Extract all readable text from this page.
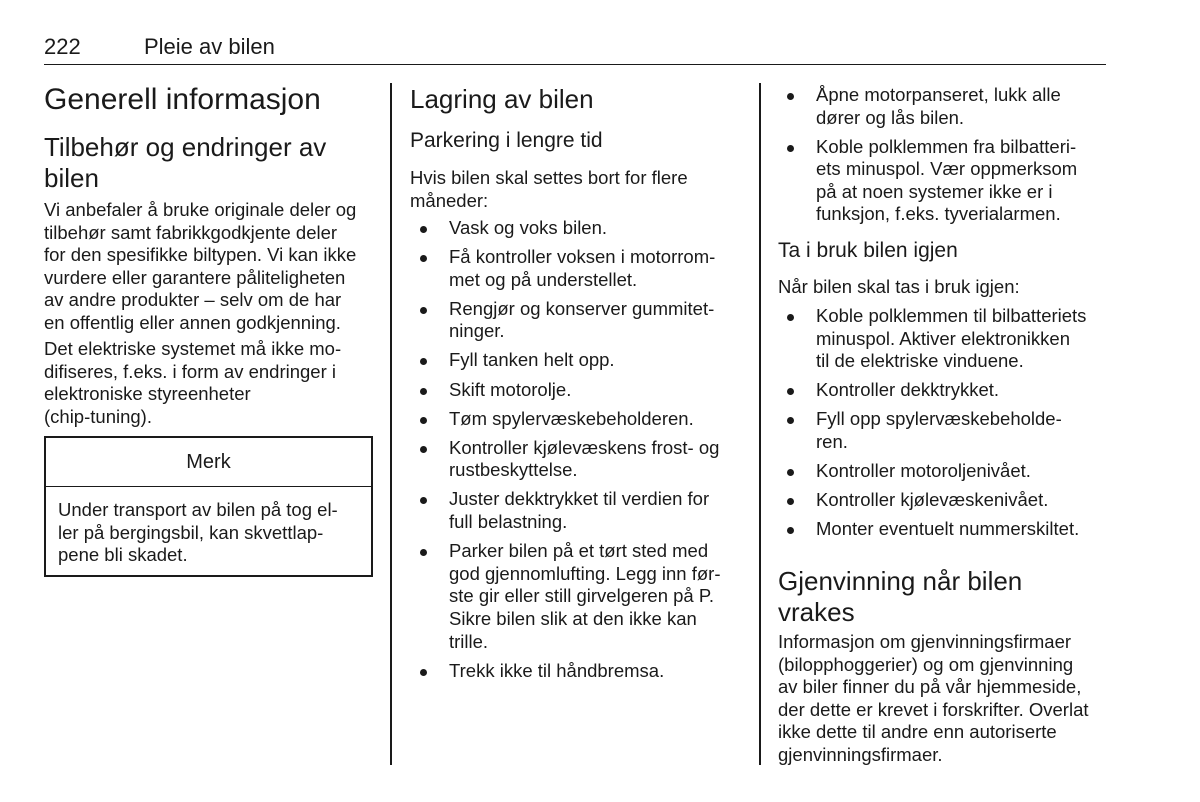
222	Pleie av bilen
Generell informasjon
Tilbehør og endringer av
bilen

Vi anbefaler å bruke originale deler og
tilbehør samt fabrikkgodkjente deler
for den spesifikke biltypen. Vi kan ikke
vurdere eller garantere påliteligheten
av andre produkter – selv om de har
en offentlig eller annen godkjenning.

Det elektriske systemet må ikke mo-
difiseres, f.eks. i form av endringer i
elektroniske styreenheter
(chip-tuning).

Merk
Under transport av bilen på tog el-
ler på bergingsbil, kan skvettlap-
pene bli skadet.
Lagring av bilen
Parkering i lengre tid

Hvis bilen skal settes bort for flere
måneder:

Vask og voks bilen.
Få kontroller voksen i motorrom-
met og på understellet.
Rengjør og konserver gummitet-
ninger.
Fyll tanken helt opp.
Skift motorolje.
Tøm spylervæskebeholderen.
Kontroller kjølevæskens frost- og
rustbeskyttelse.
Juster dekktrykket til verdien for
full belastning.
Parker bilen på et tørt sted med
god gjennomlufting. Legg inn før-
ste gir eller still girvelgeren på P.
Sikre bilen slik at den ikke kan
trille.
Trekk ikke til håndbremsa.
Åpne motorpanseret, lukk alle
dører og lås bilen.
Koble polklemmen fra bilbatteri-
ets minuspol. Vær oppmerksom
på at noen systemer ikke er i
funksjon, f.eks. tyverialarmen.
Ta i bruk bilen igjen

Når bilen skal tas i bruk igjen:

Koble polklemmen til bilbatteriets
minuspol. Aktiver elektronikken
til de elektriske vinduene.
Kontroller dekktrykket.
Fyll opp spylervæskebeholde-
ren.
Kontroller motoroljenivået.
Kontroller kjølevæskenivået.
Monter eventuelt nummerskiltet.
Gjenvinning når bilen
vrakes

Informasjon om gjenvinningsfirmaer
(bilopphoggerier) og om gjenvinning
av biler finner du på vår hjemmeside,
der dette er krevet i forskrifter. Overlat
ikke dette til andre enn autoriserte
gjenvinningsfirmaer.
